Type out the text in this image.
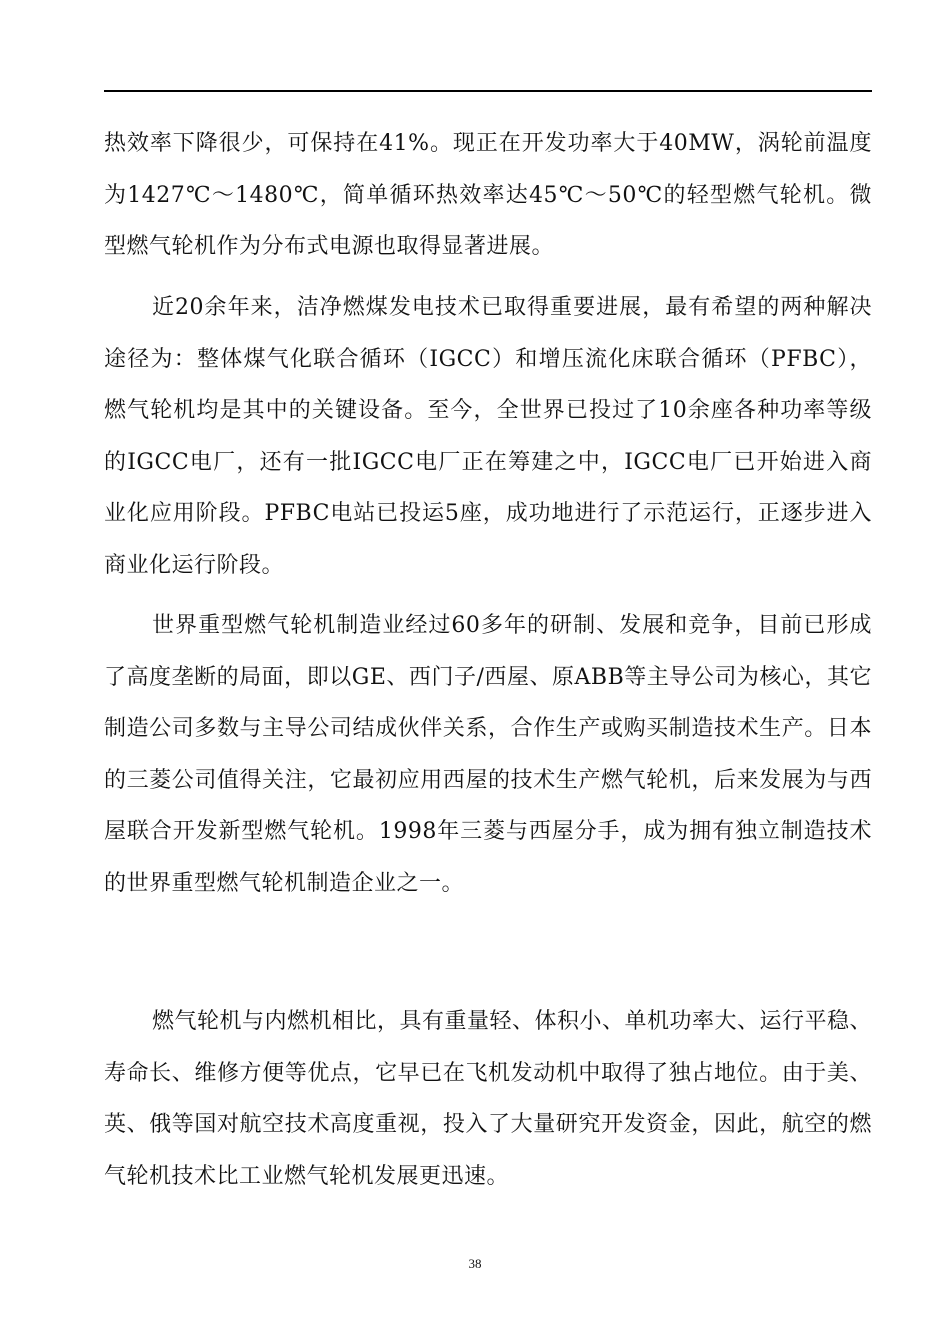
热效率下降很少，可保持在41%。现正在开发功率大于40MW，涡轮前温度为1427℃～1480℃，简单循环热效率达45℃～50℃的轻型燃气轮机。微型燃气轮机作为分布式电源也取得显著进展。

近20余年来，洁净燃煤发电技术已取得重要进展，最有希望的两种解决途径为：整体煤气化联合循环（IGCC）和增压流化床联合循环（PFBC），燃气轮机均是其中的关键设备。至今，全世界已投过了10余座各种功率等级的IGCC电厂，还有一批IGCC电厂正在筹建之中，IGCC电厂已开始进入商业化应用阶段。PFBC电站已投运5座，成功地进行了示范运行，正逐步进入商业化运行阶段。

世界重型燃气轮机制造业经过60多年的研制、发展和竞争，目前已形成了高度垄断的局面，即以GE、西门子/西屋、原ABB等主导公司为核心，其它制造公司多数与主导公司结成伙伴关系，合作生产或购买制造技术生产。日本的三菱公司值得关注，它最初应用西屋的技术生产燃气轮机，后来发展为与西屋联合开发新型燃气轮机。1998年三菱与西屋分手，成为拥有独立制造技术的世界重型燃气轮机制造企业之一。

燃气轮机与内燃机相比，具有重量轻、体积小、单机功率大、运行平稳、寿命长、维修方便等优点，它早已在飞机发动机中取得了独占地位。由于美、英、俄等国对航空技术高度重视，投入了大量研究开发资金，因此，航空的燃气轮机技术比工业燃气轮机发展更迅速。

38
